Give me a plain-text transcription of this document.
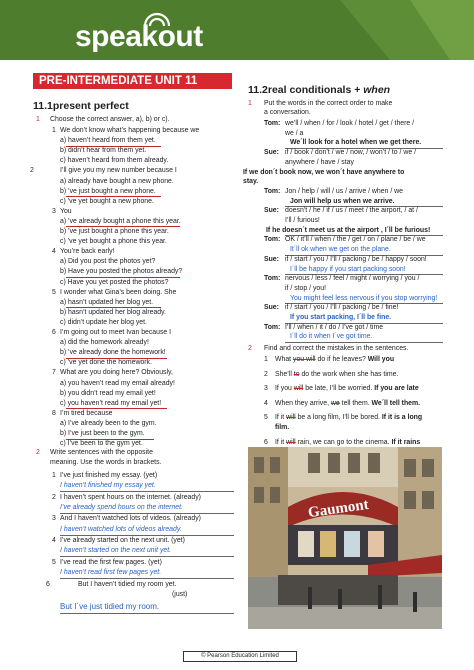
speakout
PRE-INTERMEDIATE UNIT 11
11.1present perfect
1 Choose the correct answer, a), b) or c).
2 Write sentences with the opposite
meaning. Use the words in brackets.
11.2real conditionals + when
1 Put the words in the correct order to make
a conversation.
2 Find and correct the mistakes in the sentences.
Gaumont
© Pearson Education Limited
1 We don’t know what’s happening because we
a) haven’t heard from them yet.
b) didn’t hear from them yet.
c) haven’t heard from them already.
2	I’ll give you my new number because I
a) already have bought a new phone.
b) ’ve just bought a new phone.
c) ’ve yet bought a new phone.
3 You
a) ’ve already bought a phone this year.
b) ’ve just bought a phone this year.
c) ’ve yet bought a phone this year.
4 You’re back early!
a) Did you post the photos yet?
b) Have you posted the photos already?
c) Have you yet posted the photos?
5 I wonder what Gina’s been doing. She
a) hasn’t updated her blog yet.
b) hasn’t updated her blog already.
c) didn’t update her blog yet.
6 I’m going out to meet Ivan because I
a) did the homework already!
b) ’ve already done the homework!
c) ’ve yet done the homework.
7 What are you doing here? Obviously,
a) you haven’t read my email already!
b) you didn’t read my email yet!
c) you haven’t read my email yet!
8 I’m tired because
a) I’ve already been to the gym.
b) I’ve just been to the gym.
c) I’ve been to the gym yet.
1 I’ve just finished my essay. (yet)
I haven’t finished my essay yet.
2 I haven’t spent hours on the internet. (already)
I’ve already spend hours on the internet.
3 And I haven’t watched lots of videos. (already)
I haven’t watched lots of videos already.
4 I’ve already started on the next unit. (yet)
I haven’t started on the next unit yet.
5 I’ve read the first few pages. (yet)
I haven’t read first few pages yet.
6	But I haven’t tidied my room yet.
(just)
But I´ve just tidied my room.
Tom: we’ll / when / for / look / hotel / get / there /
we / a
We´ll look for a hotel when we get there.
Sue: if / book / don’t / we / now, / won’t / to / we /
anywhere / have / stay
If we don´t book now, we won´t have anywhere to
stay.
Tom: Jon / help / will / us / arrive / when / we
Jon will help us when we arrive.
Sue: doesn’t / he / if / us / meet / the airport, / at /
I’ll / furious!
If he doesn´t meet us at the airport , I´ll be furious!
Tom: OK / it’ll / when / the / get / on / plane / be / we
It´ll ok when we get on the plane.
Sue: if / start / you / I’ll / packing / be / happy / soon!
I´ll be happy if you start packing soon!
Tom: nervous / less / feel / might / worrying / you /
if / stop / you!
You might feel less nervous if you stop worrying!
Sue: if / start / you / I’ll / packing / be / fine!
If you start packing, I´ll be fine.
Tom: I’ll / when / it / do / I’ve got / time
I´ll do it when I´ve got time.
1 What you will do if he leaves? Will you
2 She’ll to do the work when she has time.
3 If you will be late, I’ll be worried. If you are late
4 When they arrive, we tell them. We´ll tell them.
5 If it will be a long film, I’ll be bored. If it is a long
film.
6 If it will rain, we can go to the cinema. If it rains
